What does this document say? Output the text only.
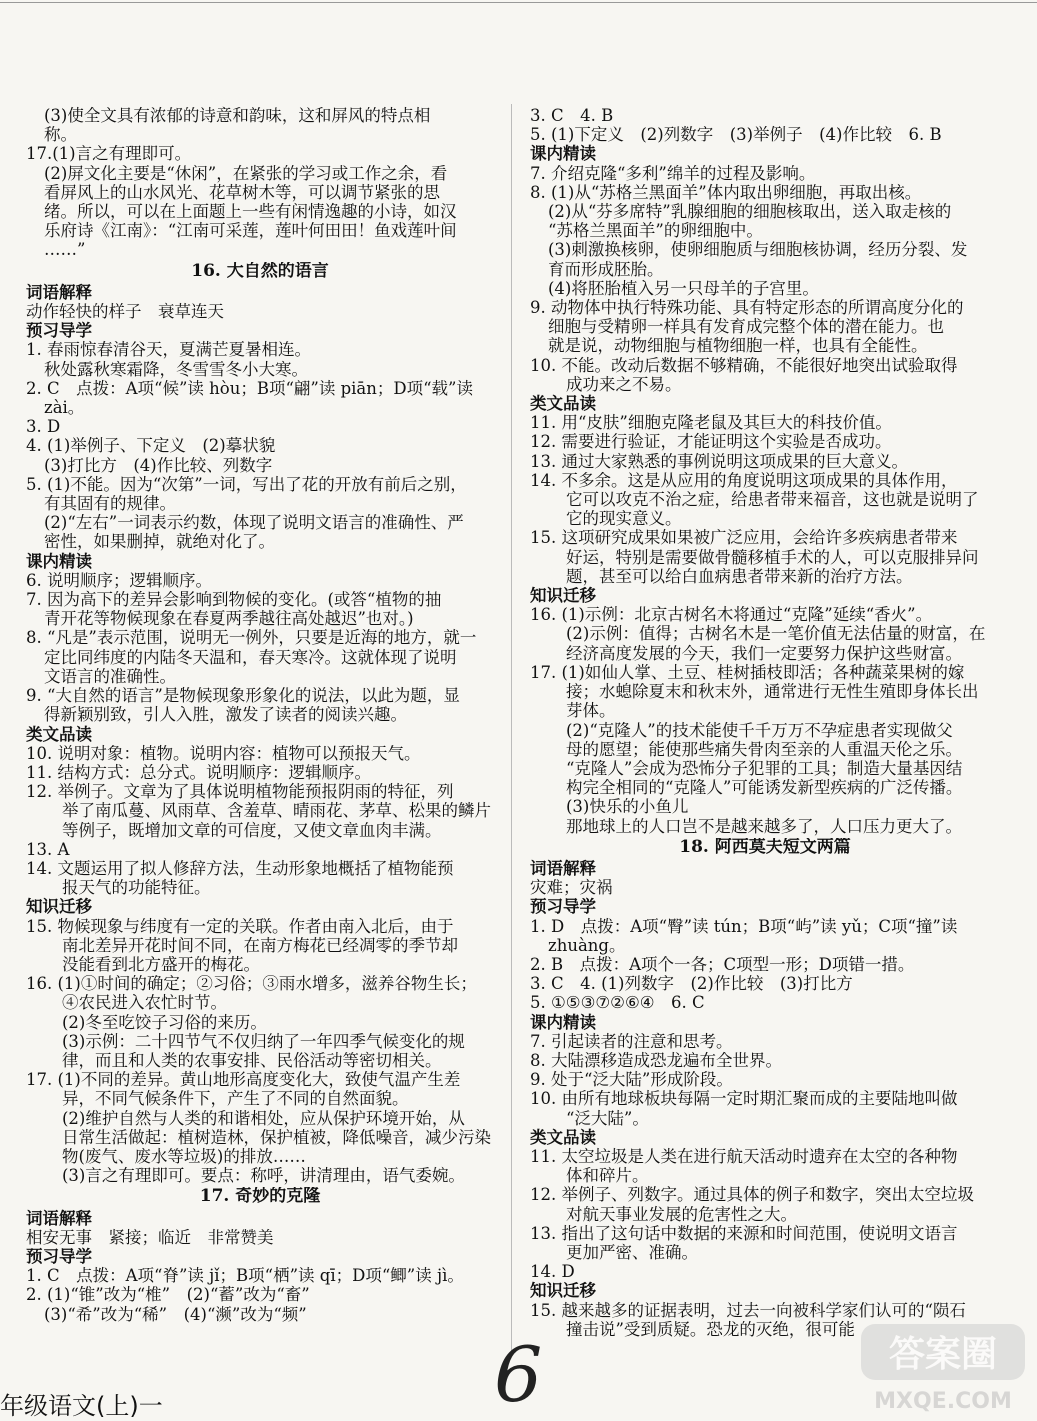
(3)使全文具有浓郁的诗意和韵味，这和屏风的特点相
称。
17.(1)言之有理即可。
(2)屏文化主要是“休闲”，在紧张的学习或工作之余，看
看屏风上的山水风光、花草树木等，可以调节紧张的思
绪。所以，可以在上面题上一些有闲情逸趣的小诗，如汉
乐府诗《江南》：“江南可采莲，莲叶何田田！鱼戏莲叶间
……”
16. 大自然的语言
词语解释
动作轻快的样子　衰草连天
预习导学
1. 春雨惊春清谷天，夏满芒夏暑相连。
秋处露秋寒霜降，冬雪雪冬小大寒。
2. C　点拨：A项“候”读 hòu；B项“翩”读 piān；D项“载”读
zài。
3. D
4. (1)举例子、下定义　(2)摹状貌
(3)打比方　(4)作比较、列数字
5. (1)不能。因为“次第”一词，写出了花的开放有前后之别，
有其固有的规律。
(2)“左右”一词表示约数，体现了说明文语言的准确性、严
密性，如果删掉，就绝对化了。
课内精读
6. 说明顺序；逻辑顺序。
7. 因为高下的差异会影响到物候的变化。(或答“植物的抽
青开花等物候现象在春夏两季越往高处越迟”也对。)
8. “凡是”表示范围，说明无一例外，只要是近海的地方，就一
定比同纬度的内陆冬天温和，春天寒冷。这就体现了说明
文语言的准确性。
9. “大自然的语言”是物候现象形象化的说法，以此为题，显
得新颖别致，引人入胜，激发了读者的阅读兴趣。
类文品读
10. 说明对象：植物。说明内容：植物可以预报天气。
11. 结构方式：总分式。说明顺序：逻辑顺序。
12. 举例子。文章为了具体说明植物能预报阴雨的特征，列
举了南瓜蔓、风雨草、含羞草、晴雨花、茅草、松果的鳞片
等例子，既增加文章的可信度，又使文章血肉丰满。
13. A
14. 文题运用了拟人修辞方法，生动形象地概括了植物能预
报天气的功能特征。
知识迁移
15. 物候现象与纬度有一定的关联。作者由南入北后，由于
南北差异开花时间不同，在南方梅花已经凋零的季节却
没能看到北方盛开的梅花。
16. (1)①时间的确定；②习俗；③雨水增多，滋养谷物生长；
④农民进入农忙时节。
(2)冬至吃饺子习俗的来历。
(3)示例：二十四节气不仅归纳了一年四季气候变化的规
律，而且和人类的农事安排、民俗活动等密切相关。
17. (1)不同的差异。黄山地形高度变化大，致使气温产生差
异，不同气候条件下，产生了不同的自然面貌。
(2)维护自然与人类的和谐相处，应从保护环境开始，从
日常生活做起：植树造林，保护植被，降低噪音，减少污染
物(废气、废水等垃圾)的排放……
(3)言之有理即可。要点：称呼，讲清理由，语气委婉。
17. 奇妙的克隆
词语解释
相安无事　紧接；临近　非常赞美
预习导学
1. C　点拨：A项“脊”读 jǐ；B项“栖”读 qī；D项“鲫”读 jì。
2. (1)“锥”改为“椎”　(2)“蓄”改为“畜”
(3)“希”改为“稀”　(4)“濒”改为“频”
3. C　4. B
5. (1)下定义　(2)列数字　(3)举例子　(4)作比较　6. B
课内精读
7. 介绍克隆“多利”绵羊的过程及影响。
8. (1)从“苏格兰黑面羊”体内取出卵细胞，再取出核。
(2)从“芬多席特”乳腺细胞的细胞核取出，送入取走核的
“苏格兰黑面羊”的卵细胞中。
(3)刺激换核卵，使卵细胞质与细胞核协调，经历分裂、发
育而形成胚胎。
(4)将胚胎植入另一只母羊的子宫里。
9. 动物体中执行特殊功能、具有特定形态的所谓高度分化的
细胞与受精卵一样具有发育成完整个体的潜在能力。也
就是说，动物细胞与植物细胞一样，也具有全能性。
10. 不能。改动后数据不够精确，不能很好地突出试验取得
成功来之不易。
类文品读
11. 用“皮肤”细胞克隆老鼠及其巨大的科技价值。
12. 需要进行验证，才能证明这个实验是否成功。
13. 通过大家熟悉的事例说明这项成果的巨大意义。
14. 不多余。这是从应用的角度说明这项成果的具体作用，
它可以攻克不治之症，给患者带来福音，这也就是说明了
它的现实意义。
15. 这项研究成果如果被广泛应用，会给许多疾病患者带来
好运，特别是需要做骨髓移植手术的人，可以克服排异问
题，甚至可以给白血病患者带来新的治疗方法。
知识迁移
16. (1)示例：北京古树名木将通过“克隆”延续“香火”。
(2)示例：值得；古树名木是一笔价值无法估量的财富，在
经济高度发展的今天，我们一定要努力保护这些财富。
17. (1)如仙人掌、土豆、桂树插枝即活；各种蔬菜果树的嫁
接；水螅除夏末和秋末外，通常进行无性生殖即身体长出
芽体。
(2)“克隆人”的技术能使千千万万不孕症患者实现做父
母的愿望；能使那些痛失骨肉至亲的人重温天伦之乐。
“克隆人”会成为恐怖分子犯罪的工具；制造大量基因结
构完全相同的“克隆人”可能诱发新型疾病的广泛传播。
(3)快乐的小鱼儿
那地球上的人口岂不是越来越多了，人口压力更大了。
18. 阿西莫夫短文两篇
词语解释
灾难；灾祸
预习导学
1. D　点拨：A项“臀”读 tún；B项“屿”读 yǔ；C项“撞”读
zhuàng。
2. B　点拨：A项个一各；C项型一形；D项错一措。
3. C　4. (1)列数字　(2)作比较　(3)打比方
5. ①⑤③⑦②⑥④　6. C
课内精读
7. 引起读者的注意和思考。
8. 大陆漂移造成恐龙遍布全世界。
9. 处于“泛大陆”形成阶段。
10. 由所有地球板块每隔一定时期汇聚而成的主要陆地叫做
“泛大陆”。
类文品读
11. 太空垃圾是人类在进行航天活动时遗弃在太空的各种物
体和碎片。
12. 举例子、列数字。通过具体的例子和数字，突出太空垃圾
对航天事业发展的危害性之大。
13. 指出了这句话中数据的来源和时间范围，使说明文语言
更加严密、准确。
14. D
知识迁移
15. 越来越多的证据表明，过去一向被科学家们认可的“陨石
撞击说”受到质疑。恐龙的灭绝，很可能
年级语文(上)一	6	答案圈
MXQE.COM
